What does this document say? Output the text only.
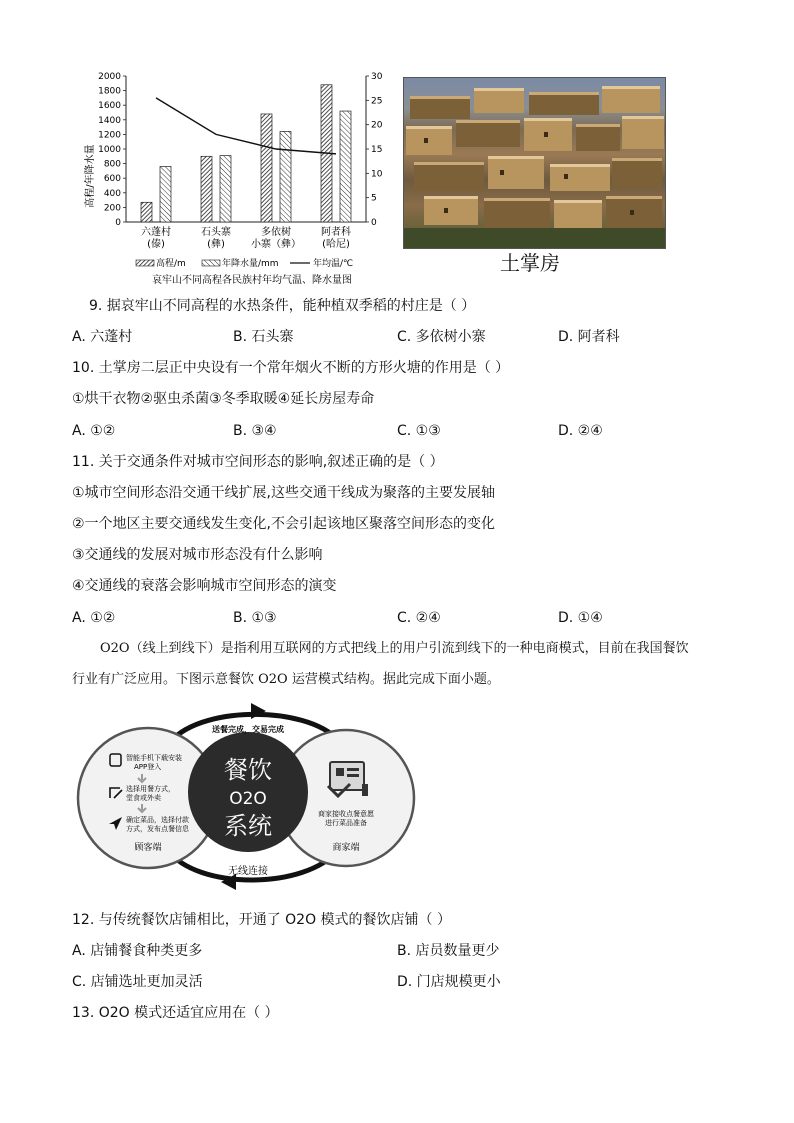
0
200
400
600
800
1000
1200
1400
1600
1800
2000
0
5
10
15
20
25
30
六蓬村
(傣)
石头寨
(彝)
多依树
小寨（彝）
阿者科
(哈尼)
高程/年降水量
高程/m	年降水量/mm	年均温/℃
哀牢山不同高程各民族村年均气温、降水量图
土掌房
9. 据哀牢山不同高程的水热条件，能种植双季稻的村庄是（ ）
A. 六蓬村	B. 石头寨	C. 多依树小寨	D. 阿者科
10. 土掌房二层正中央设有一个常年烟火不断的方形火塘的作用是（ ）
①烘干衣物②驱虫杀菌③冬季取暖④延长房屋寿命
A. ①②	B. ③④	C. ①③	D. ②④
11. 关于交通条件对城市空间形态的影响,叙述正确的是（ ）
①城市空间形态沿交通干线扩展,这些交通干线成为聚落的主要发展轴
②一个地区主要交通线发生变化,不会引起该地区聚落空间形态的变化
③交通线的发展对城市形态没有什么影响
④交通线的衰落会影响城市空间形态的演变
A. ①②	B. ①③	C. ②④	D. ①④
O2O（线上到线下）是指利用互联网的方式把线上的用户引流到线下的一种电商模式，目前在我国餐饮
行业有广泛应用。下图示意餐饮 O2O 运营模式结构。据此完成下面小题。
餐饮
O2O
系统
送餐完成，交易完成
无线连接
智能手机下载安装
APP登入
选择用餐方式，
堂食或外卖
确定菜品，选择付款
方式，发布点餐信息
顾客端
商家接收点餐意愿
进行菜品准备
商家端
12. 与传统餐饮店铺相比，开通了 O2O 模式的餐饮店铺（ ）
A. 店铺餐食种类更多	B. 店员数量更少
C. 店铺选址更加灵活	D. 门店规模更小
13. O2O 模式还适宜应用在（ ）
